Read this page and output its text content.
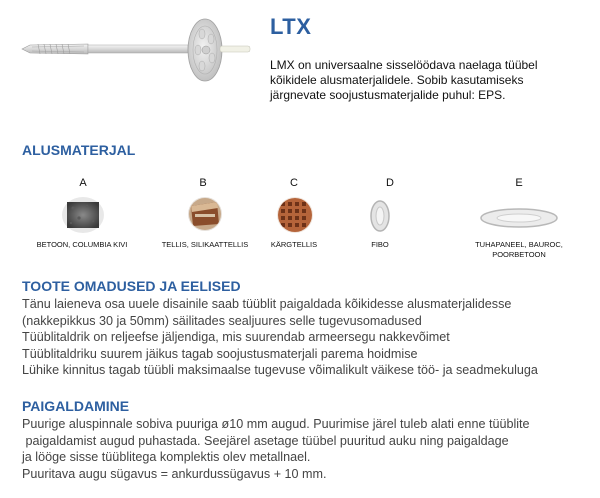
LTX
LMX on universaalne sisselöödava naelaga tüübel kõikidele alusmaterjalidele. Sobib kasutamiseks järgnevate soojustusmaterjalide puhul: EPS.
ALUSMATERJAL
A
BETOON, COLUMBIA KIVI
B
TELLIS, SILIKAATTELLIS
C
KÄRGTELLIS
D
FIBO
E
TUHAPANEEL, BAUROC, POORBETOON
TOOTE OMADUSED JA EELISED
Tänu laieneva osa uuele disainile saab tüüblit paigaldada kõikidesse alusmaterjalidesse
(nakkepikkus 30 ja 50mm) säilitades sealjuures selle tugevusomadused
Tüüblitaldrik on reljeefse jäljendiga, mis suurendab armeersegu nakkevõimet
Tüüblitaldriku suurem jäikus tagab soojustusmaterjali parema hoidmise
Lühike kinnitus tagab tüübli maksimaalse tugevuse võimalikult väikese töö- ja seadmekuluga
PAIGALDAMINE
Puurige aluspinnale sobiva puuriga ø10 mm augud. Puurimise järel tuleb alati enne tüüblite
paigaldamist augud puhastada. Seejärel asetage tüübel puuritud auku ning paigaldage
ja lööge sisse tüüblitega komplektis olev metallnael.
Puuritava augu sügavus = ankurdussügavus + 10 mm.
